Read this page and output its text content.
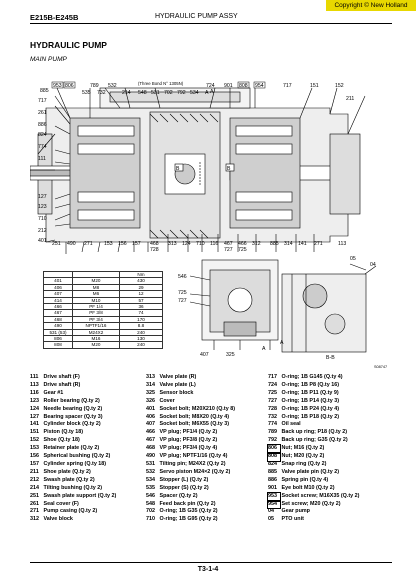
Copyright © New Holland
E215B-E245B	HYDRAULIC PUMP ASSY
HYDRAULIC PUMP
MAIN PUMP
(Three Bond N° 1305N)
953 806	789 532
535 732	214 548 531 702 792 534 A
724 901 808 954	717	151	152
885
717
261
886
824
774
111
127
123
710
212
401 251 490 271 153 156 157 468
728
313 124 710 116 467
727
466
725
312 885 314 141 271	113
211
05
04
B-B
A
B	B
A
546
725
727
407	325
A
S08747
		Nm
401	M20	430
406	M8	29
407	M6	12
414	M10	57
466	PF 1/4	36
467	PF 3/8	74
468	PF 3/4	170
490	NPTF1/16	8.8
531 (53)	M24X2	240
806	M16	130
808	M20	240
111 Drive shaft (F)
113 Drive shaft (R)
116 Gear #1
123 Roller bearing (Q.ty 2)
124 Needle bearing (Q.ty 2)
127 Bearing spacer (Q.ty 3)
141 Cylinder block (Q.ty 2)
151 Piston (Q.ty 18)
152 Shoe (Q.ty 18)
153 Retainer plate (Q.ty 2)
156 Spherical bushing (Q.ty 2)
157 Cylinder spring (Q.ty 18)
211 Shoe plate (Q.ty 2)
212 Swash plate (Q.ty 2)
214 Tilting bushing (Q.ty 2)
251 Swash plate support (Q.ty 2)
261 Seal cover (F)
271 Pump casing (Q.ty 2)
312 Valve block
313 Valve plate (R)
314 Valve plate (L)
325 Sensor block
326 Cover
401 Socket bolt; M20X210 (Q.ty 8)
406 Socket bolt; M8X20 (Q.ty 4)
407 Socket bolt; M6X55 (Q.ty 3)
466 VP plug; PF1/4 (Q.ty 2)
467 VP plug; PF3/8 (Q.ty 2)
468 VP plug; PF3/4 (Q.ty 4)
490 VP plug; NPTF1/16 (Q.ty 4)
531 Tilting pin; M24X2 (Q.ty 2)
532 Servo piston M24×2 (Q.ty 2)
534 Stopper (L) (Q.ty 2)
535 Stopper (S) (Q.ty 2)
546 Spacer (Q.ty 2)
548 Feed back pin (Q.ty 2)
702 O-ring; 1B G35 (Q.ty 2)
710 O-ring; 1B G95 (Q.ty 2)
717 O-ring; 1B G145 (Q.ty 4)
724 O-ring; 1B P8 (Q.ty 16)
725 O-ring; 1B P11 (Q.ty 9)
727 O-ring; 1B P14 (Q.ty 3)
728 O-ring; 1B P24 (Q.ty 4)
732 O-ring; 1B P18 (Q.ty 2)
774 Oil seal
789 Back up ring; P18 (Q.ty 2)
792 Back up ring; G35 (Q.ty 2)
806 Nut; M16 (Q.ty 2)
808 Nut; M20 (Q.ty 2)
824 Snap ring (Q.ty 2)
885 Valve plate pin (Q.ty 2)
886 Spring pin (Q.ty 4)
901 Eye bolt M10 (Q.ty 2)
953 Socket screw; M16X35 (Q.ty 2)
954 Set screw; M20 (Q.ty 2)
04 Gear pump
05 PTO unit
T3-1-4
